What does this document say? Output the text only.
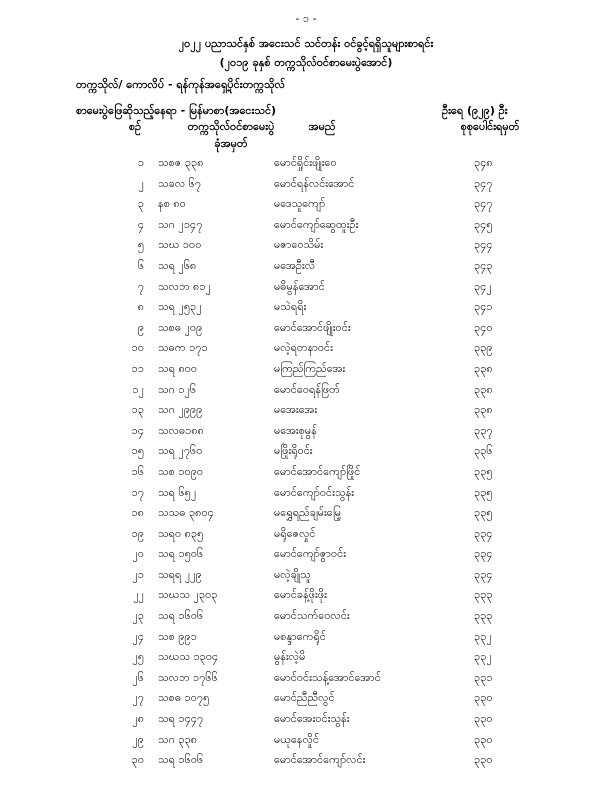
- ၁ -
၂၀၂၂ ပညာသင်နှစ် အငေးသင် သင်တန်း ဝင်ခွင့်ရရှိသူများစာရင်း
(၂၀၁၉ ခုနှစ် တက္ကသိုလ်ဝင်စာမေးပွဲအောင်)
တက္ကသိုလ်/ ကောလိပ် - ရန်ကုန်အရှေ့ပိုင်းတက္ကသိုလ်
စာမေးပွဲဖြေဆိုသည့်နေရာ - မြန်မာစာ(အငေးသင်)	ဦးရေ (၉၂၉) ဦး
စဉ်	တက္ကသိုလ်ဝင်စာမေးပွဲ
ခုံအမှတ်
အမည်	စုစုပေါင်းရမှတ်
၁ သစဇ ၃၃၈	မောင်ရှိုင်းဖျိုးဝေ	၃၄၈
၂ သခလ ၆၇	မောင်ရန်လင်းအောင်	၃၄၇
၃ နစ ၈၀	မဒေသူကျော်	၃၄၇
၄ သဂ ၂၁၄၇	မောင်ကျော်ဆွေထူးဦး	၃၄၅
၅ သဃ ၁၀၀	မဇာဝေသိမ်း	၃၄၄
၆ သရ ၂၆၈	မအေဦးလီ	၃၄၃
၇ သလဘ ၈၁၂	မဓိမွန်အောင်	၃၄၂
၈ သရ ၂၅၃၂	မသဲရရိး	၃၄၁
၉ သစဓ ၂၀၉	မောင်အောင်ဖျိုးဝင်း	၃၄၀
၁၀ သဓက ၁၇၁	မလဲ့ရတနာဝင်း	၃၃၉
၁၁ သရ ၈၀၀	မကြည်ကြည်အေး	၃၃၈
၁၂ သဂ ၁၂၆	မောင်ဝေရန်ဖြတ်	၃၃၈
၁၃ သဂ ၂၉၉၉	မအေးအေး	၃၃၈
၁၄ သလဓ၁၈၈	မအေးစုမွန်	၃၃၇
၁၅ သရ ၂၇၆၀	မဖြိုးရိုဝင်း	၃၃၆
၁၆ သစ ၁၀၉၀	မောင်အောင်ကျော်ဖြိုင်	၃၃၅
၁၇ သရ ၆၅၂	မောင်ကျော်ဝင်းသွန်း	၃၃၅
၁၈ သသဓ ၃၈၀၄	မရွှေရည်ချမ်းမြေ့	၃၃၅
၁၉ သရ၀ ၈၃၅	မရိုဇေလှုင်	၃၃၄
၂၀ သရ ၁၅၀၆	မောင်ကျော်ဇွာဝင်း	၃၃၄
၂၁ သရရ ၂၂၉	မလဲ့ချိုသူ	၃၃၄
၂၂ သဃသ ၂၃၀၃	မောင်ခန့်ဖိုးဖိုး	၃၃၃
၂၃ သရ ၁၆၀၆	မောင်သက်ဝေလင်း	၃၃၃
၂၄ သစ ၉၉၁	မစန္ဒာကေရိုင်	၃၃၂
၂၅ သဃသ ၁၃၀၄	မွန်းလဲ့မိ	၃၃၂
၂၆ သလဘ ၁၇၆၆	မောင်ဝင်းသန့်အောင်အောင်	၃၃၁
၂၇ သစဓ ၁၀၇၅	မောင်ညီညီလွင်	၃၃၀
၂၈ သရ ၁၄၄၇	မောင်အေးဝင်းသွန်း	၃၃၀
၂၉ သဂ ၃၃၈	မယုနေလှိုင်	၃၃၀
၃၀ သရ ၁၆၀၆	မောင်အောင်ကျော်လင်း	၃၃၀
